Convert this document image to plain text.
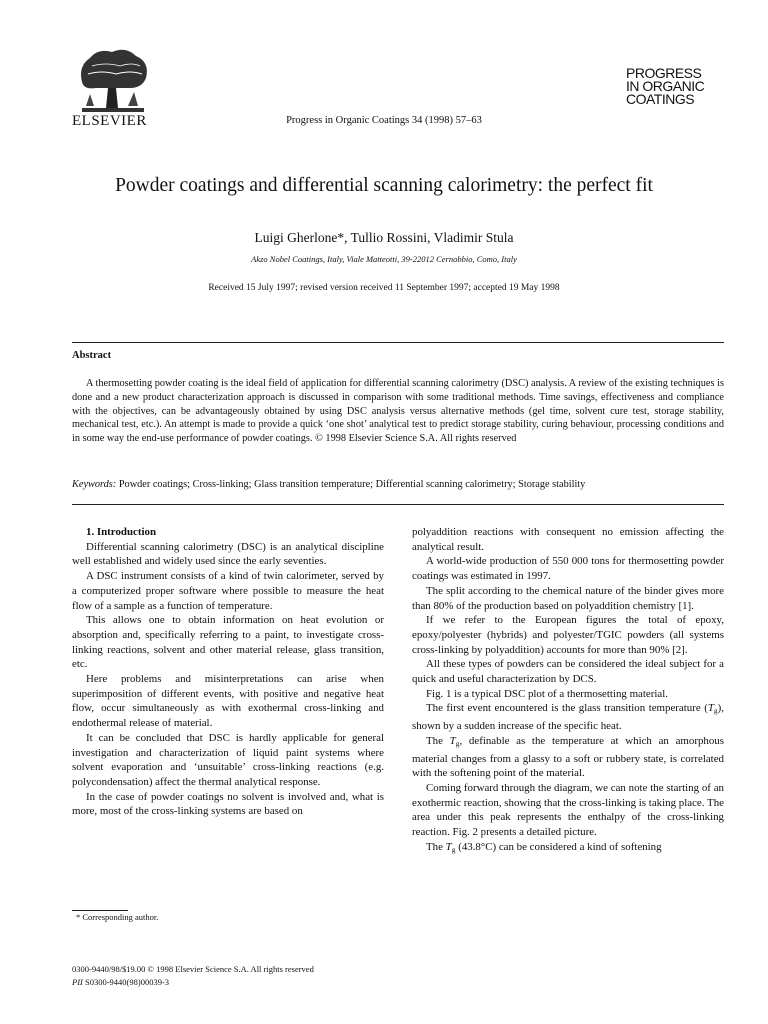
ELSEVIER	Progress in Organic Coatings 34 (1998) 57–63
PROGRESS
IN ORGANIC
COATINGS
Powder coatings and differential scanning calorimetry: the perfect fit
Luigi Gherlone*, Tullio Rossini, Vladimir Stula
Akzo Nobel Coatings, Italy, Viale Matteotti, 39-22012 Cernobbio, Como, Italy
Received 15 July 1997; revised version received 11 September 1997; accepted 19 May 1998
Abstract
A thermosetting powder coating is the ideal field of application for differential scanning calorimetry (DSC) analysis. A review of the existing techniques is done and a new product characterization approach is discussed in comparison with some traditional methods. Time savings, effectiveness and compliance with the objectives, can be advantageously obtained by using DSC analysis versus alternative methods (gel time, solvent cure test, storage stability, mechanical test, etc.). An attempt is made to provide a quick ‘one shot’ analytical test to predict storage stability, curing behaviour, processing conditions and in some way the end-use performance of powder coatings. © 1998 Elsevier Science S.A. All rights reserved
Keywords: Powder coatings; Cross-linking; Glass transition temperature; Differential scanning calorimetry; Storage stability

1. Introduction

Differential scanning calorimetry (DSC) is an analytical discipline well established and widely used since the early seventies.

A DSC instrument consists of a kind of twin calorimeter, served by a computerized proper software where possible to measure the heat flow of a sample as a function of temperature.

This allows one to obtain information on heat evolution or absorption and, specifically referring to a paint, to investigate cross-linking reactions, solvent and other material release, glass transition, etc.

Here problems and misinterpretations can arise when superimposition of different events, with positive and negative heat flow, occur simultaneously as with exothermal cross-linking and endothermal release of material.

It can be concluded that DSC is hardly applicable for general investigation and characterization of liquid paint systems where solvent evaporation and ‘unsuitable’ cross-linking reactions (e.g. polycondensation) affect the thermal analytical response.

In the case of powder coatings no solvent is involved and, what is more, most of the cross-linking systems are based on

polyaddition reactions with consequent no emission affecting the analytical result.

A world-wide production of 550 000 tons for thermosetting powder coatings was estimated in 1997.

The split according to the chemical nature of the binder gives more than 80% of the production based on polyaddition chemistry [1].

If we refer to the European figures the total of epoxy, epoxy/polyester (hybrids) and polyester/TGIC powders (all systems cross-linking by polyaddition) accounts for more than 90% [2].

All these types of powders can be considered the ideal subject for a quick and useful characterization by DCS.

Fig. 1 is a typical DSC plot of a thermosetting material.

The first event encountered is the glass transition temperature $(T_g)$, shown by a sudden increase of the specific heat.

The $T_g$, definable as the temperature at which an amorphous material changes from a glassy to a soft or rubbery state, is correlated with the softening point of the material.

Coming forward through the diagram, we can note the starting of an exothermic reaction, showing that the cross-linking is taking place. The area under this peak represents the enthalpy of the cross-linking reaction. Fig. 2 presents a detailed picture.

The $T_g$ (43.8°C) can be considered a kind of softening

* Corresponding author.
0300-9440/98/$19.00 © 1998 Elsevier Science S.A. All rights reserved
PII S0300-9440(98)00039-3
